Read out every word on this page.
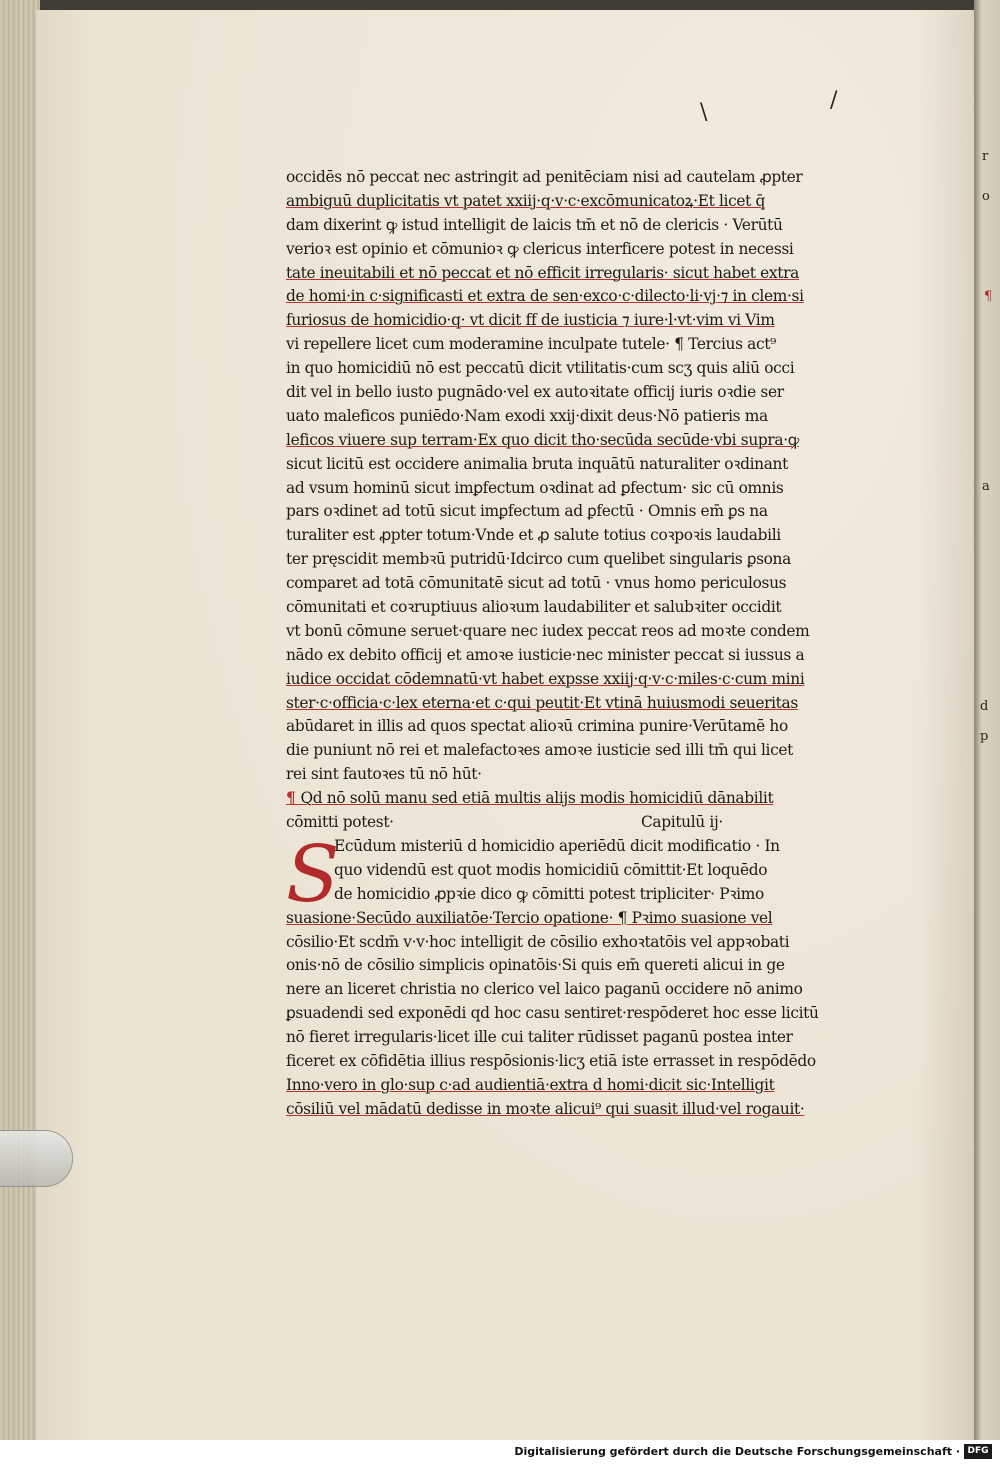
r
o
¶
a
d
p
\	/
occidēs nō peccat nec astringit ad penitēciam nisi ad cautelam ꝓpter
ambiguū duplicitatis vt patet xxiij·q·v·c·excōmunicatoꝝ·Et licet q̄
dam dixerint ꝙ istud intelligit de laicis tm̄ et nō de clericis · Verūtū
verioꝛ est opinio et cōmunioꝛ ꝙ clericus interficere potest in necessi
tate ineuitabili et nō peccat et nō efficit irregularis· sicut habet extra
de homi·in c·significasti et extra de sen·exco·c·dilecto·li·vj·⁊ in clem·si
furiosus de homicidio·q· vt dicit ff de iusticia ⁊ iure·l·vt·vim vi Vim
vi repellere licet cum moderamine inculpate tutele· ¶ Tercius act⁹
in quo homicidiū nō est peccatū dicit vtilitatis·cum scʒ quis aliū occi
dit vel in bello iusto pugnādo·vel ex autoꝛitate officij iuris oꝛdie ser
uato maleficos puniēdo·Nam exodi xxij·dixit deus·Nō patieris ma
leficos viuere sup terram·Ex quo dicit tho·secūda secūde·vbi supra·ꝙ
sicut licitū est occidere animalia bruta inquātū naturaliter oꝛdinant
ad vsum hominū sicut imꝑfectum oꝛdinat ad ꝑfectum· sic cū omnis
pars oꝛdinet ad totū sicut imꝑfectum ad ꝑfectū · Omnis em̄ ꝑs na
turaliter est ꝓpter totum·Vnde et ꝓ salute totius coꝛpoꝛis laudabili
ter pręscidit membꝛū putridū·Idcirco cum quelibet singularis ꝑsona
comparet ad totā cōmunitatē sicut ad totū · vnus homo periculosus
cōmunitati et coꝛruptiuus alioꝛum laudabiliter et salubꝛiter occidit
vt bonū cōmune seruet·quare nec iudex peccat reos ad moꝛte condem
nādo ex debito officij et amoꝛe iusticie·nec minister peccat si iussus a
iudice occidat cōdemnatū·vt habet expsse xxiij·q·v·c·miles·c·cum mini
ster·c·officia·c·lex eterna·et c·qui peutit·Et vtinā huiusmodi seueritas
abūdaret in illis ad quos spectat alioꝛū crimina punire·Verūtamē ho
die puniunt nō rei et malefactoꝛes amoꝛe iusticie sed illi tm̄ qui licet
rei sint fautoꝛes tū nō hūt·
¶ Qd nō solū manu sed etiā multis alijs modis homicidiū dānabilit
cōmitti potest·	Capitulū ij·
S
Ecūdum misteriū d homicidio aperiēdū dicit modificatio · In
quo videndū est quot modis homicidiū cōmittit·Et loquēdo
de homicidio ꝓpꝛie dico ꝙ cōmitti potest tripliciter· Pꝛimo
suasione·Secūdo auxiliatōe·Tercio opatione· ¶ Pꝛimo suasione vel
cōsilio·Et scdm̄ v·v·hoc intelligit de cōsilio exhoꝛtatōis vel appꝛobati
onis·nō de cōsilio simplicis opinatōis·Si quis em̄ quereti alicui in ge
nere an liceret christia no clerico vel laico paganū occidere nō animo
ꝑsuadendi sed exponēdi qd hoc casu sentiret·respōderet hoc esse licitū
nō fieret irregularis·licet ille cui taliter rūdisset paganū postea inter
ficeret ex cōfidētia illius respōsionis·licʒ etiā iste errasset in respōdēdo
Inno·vero in glo·sup c·ad audientiā·extra d homi·dicit sic·Intelligit
cōsiliū vel mādatū dedisse in moꝛte alicui⁹ qui suasit illud·vel rogauit·
Digitalisierung gefördert durch die Deutsche Forschungsgemeinschaft · DFG
